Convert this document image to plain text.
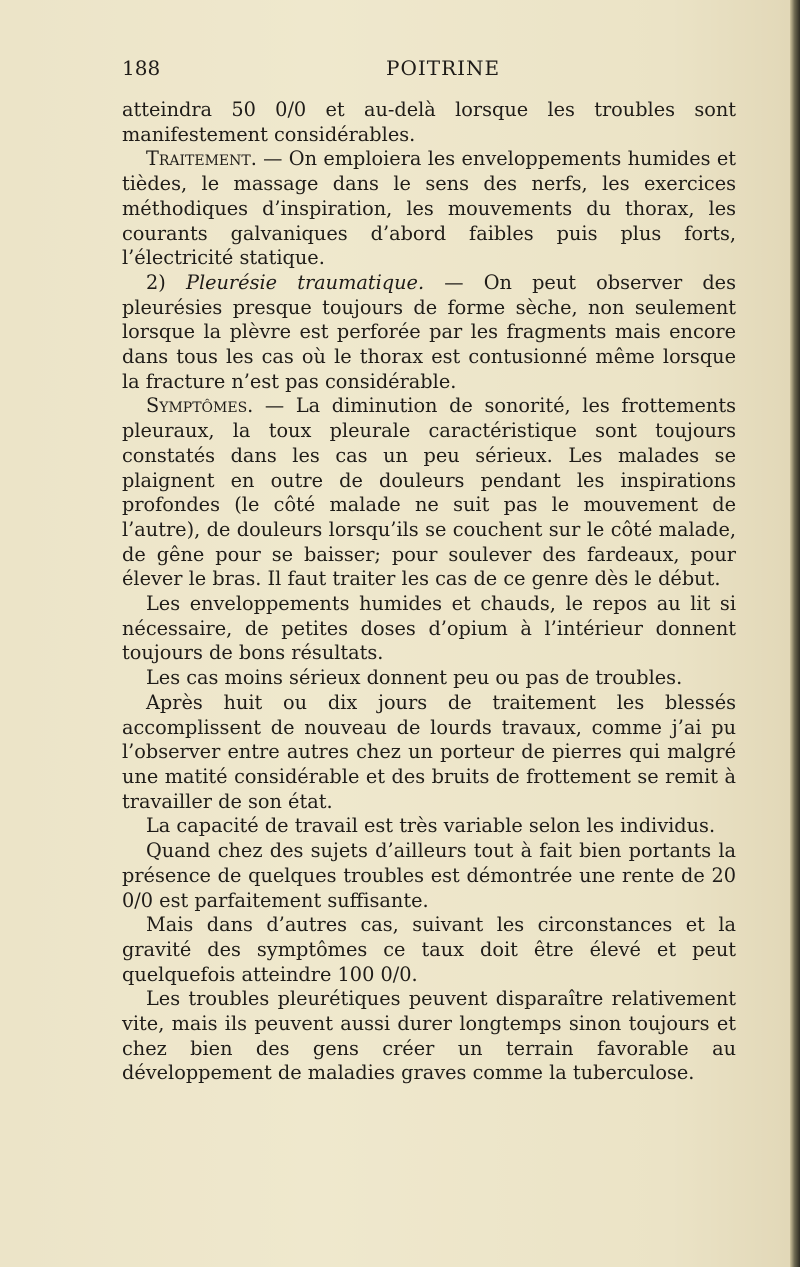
188	POITRINE

atteindra 50 0/0 et au-delà lorsque les troubles sont manifestement considérables.

Traitement. — On emploiera les enveloppements humides et tièdes, le massage dans le sens des nerfs, les exercices méthodiques d’inspiration, les mouvements du thorax, les courants galvaniques d’abord faibles puis plus forts, l’électricité statique.

2) Pleurésie traumatique. — On peut observer des pleurésies presque toujours de forme sèche, non seulement lorsque la plèvre est perforée par les fragments mais encore dans tous les cas où le thorax est contusionné même lorsque la fracture n’est pas considérable.

Symptômes. — La diminution de sonorité, les frottements pleuraux, la toux pleurale caractéristique sont toujours constatés dans les cas un peu sérieux. Les malades se plaignent en outre de douleurs pendant les inspirations profondes (le côté malade ne suit pas le mouvement de l’autre), de douleurs lorsqu’ils se couchent sur le côté malade, de gêne pour se baisser; pour soulever des fardeaux, pour élever le bras. Il faut traiter les cas de ce genre dès le début.

Les enveloppements humides et chauds, le repos au lit si nécessaire, de petites doses d’opium à l’intérieur donnent toujours de bons résultats.

Les cas moins sérieux donnent peu ou pas de troubles.

Après huit ou dix jours de traitement les blessés accomplissent de nouveau de lourds travaux, comme j’ai pu l’observer entre autres chez un porteur de pierres qui malgré une matité considérable et des bruits de frottement se remit à travailler de son état.

La capacité de travail est très variable selon les individus.

Quand chez des sujets d’ailleurs tout à fait bien portants la présence de quelques troubles est démontrée une rente de 20 0/0 est parfaitement suffisante.

Mais dans d’autres cas, suivant les circonstances et la gravité des symptômes ce taux doit être élevé et peut quelquefois atteindre 100 0/0.

Les troubles pleurétiques peuvent disparaître relativement vite, mais ils peuvent aussi durer longtemps sinon toujours et chez bien des gens créer un terrain favorable au développement de maladies graves comme la tuberculose.
